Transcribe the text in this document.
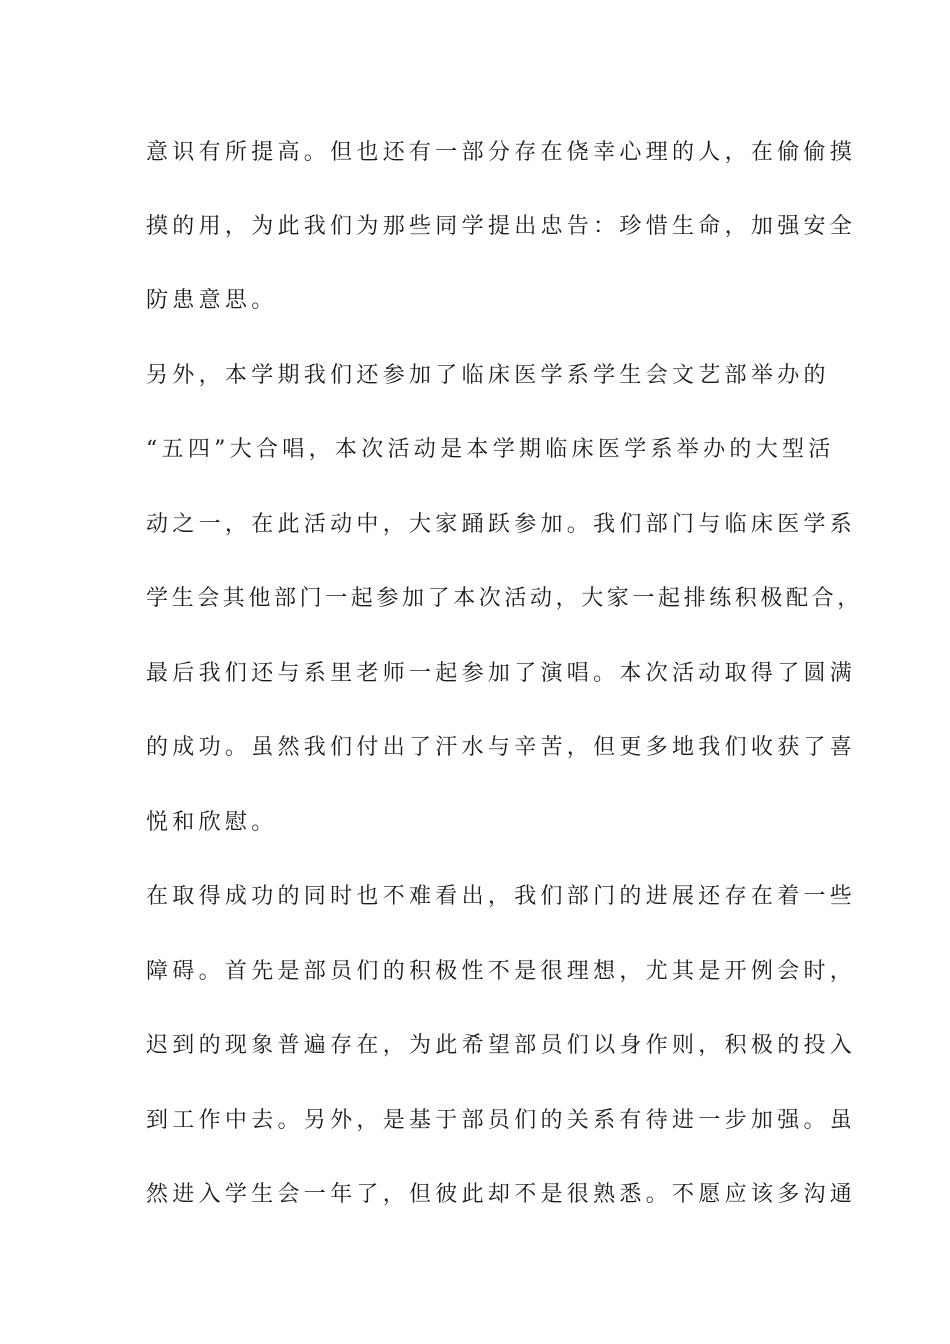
意识有所提高。但也还有一部分存在侥幸心理的人，在偷偷摸
摸的用，为此我们为那些同学提出忠告：珍惜生命，加强安全
防患意思。
另外，本学期我们还参加了临床医学系学生会文艺部举办的
“五四”大合唱，本次活动是本学期临床医学系举办的大型活
动之一，在此活动中，大家踊跃参加。我们部门与临床医学系
学生会其他部门一起参加了本次活动，大家一起排练积极配合，
最后我们还与系里老师一起参加了演唱。本次活动取得了圆满
的成功。虽然我们付出了汗水与辛苦，但更多地我们收获了喜
悦和欣慰。
在取得成功的同时也不难看出，我们部门的进展还存在着一些
障碍。首先是部员们的积极性不是很理想，尤其是开例会时，
迟到的现象普遍存在，为此希望部员们以身作则，积极的投入
到工作中去。另外，是基于部员们的关系有待进一步加强。虽
然进入学生会一年了，但彼此却不是很熟悉。不愿应该多沟通
